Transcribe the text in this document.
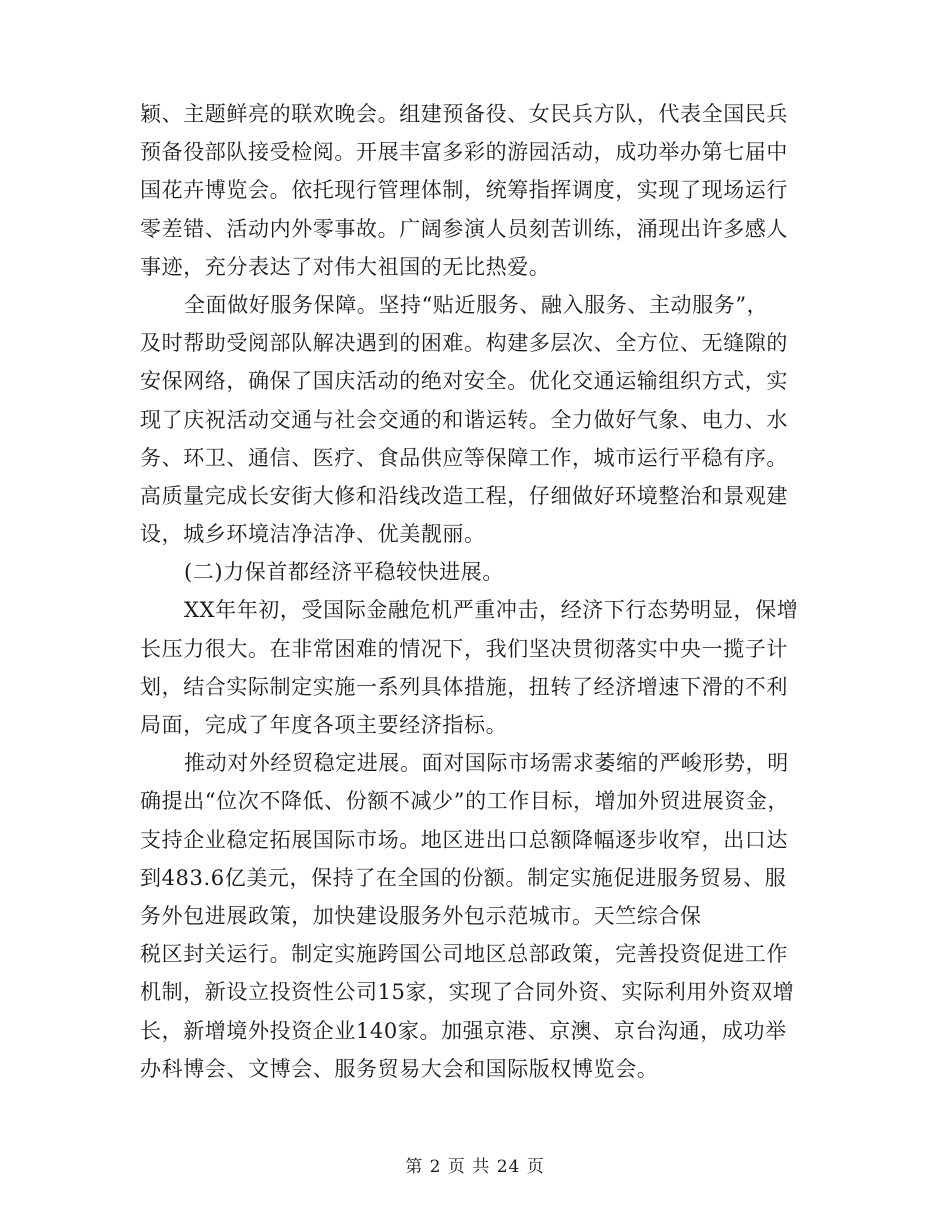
颖、主题鲜亮的联欢晚会。组建预备役、女民兵方队，代表全国民兵
预备役部队接受检阅。开展丰富多彩的游园活动，成功举办第七届中
国花卉博览会。依托现行管理体制，统筹指挥调度，实现了现场运行
零差错、活动内外零事故。广阔参演人员刻苦训练，涌现出许多感人
事迹，充分表达了对伟大祖国的无比热爱。
全面做好服务保障。坚持“贴近服务、融入服务、主动服务”，
及时帮助受阅部队解决遇到的困难。构建多层次、全方位、无缝隙的
安保网络，确保了国庆活动的绝对安全。优化交通运输组织方式，实
现了庆祝活动交通与社会交通的和谐运转。全力做好气象、电力、水
务、环卫、通信、医疗、食品供应等保障工作，城市运行平稳有序。
高质量完成长安街大修和沿线改造工程，仔细做好环境整治和景观建
设，城乡环境洁净洁净、优美靓丽。
(二)力保首都经济平稳较快进展。
XX年年初，受国际金融危机严重冲击，经济下行态势明显，保增
长压力很大。在非常困难的情况下，我们坚决贯彻落实中央一揽子计
划，结合实际制定实施一系列具体措施，扭转了经济增速下滑的不利
局面，完成了年度各项主要经济指标。
推动对外经贸稳定进展。面对国际市场需求萎缩的严峻形势，明
确提出“位次不降低、份额不减少”的工作目标，增加外贸进展资金，
支持企业稳定拓展国际市场。地区进出口总额降幅逐步收窄，出口达
到483.6亿美元，保持了在全国的份额。制定实施促进服务贸易、服
务外包进展政策，加快建设服务外包示范城市。天竺综合保
税区封关运行。制定实施跨国公司地区总部政策，完善投资促进工作
机制，新设立投资性公司15家，实现了合同外资、实际利用外资双增
长，新增境外投资企业140家。加强京港、京澳、京台沟通，成功举
办科博会、文博会、服务贸易大会和国际版权博览会。
第 2 页 共 24 页
